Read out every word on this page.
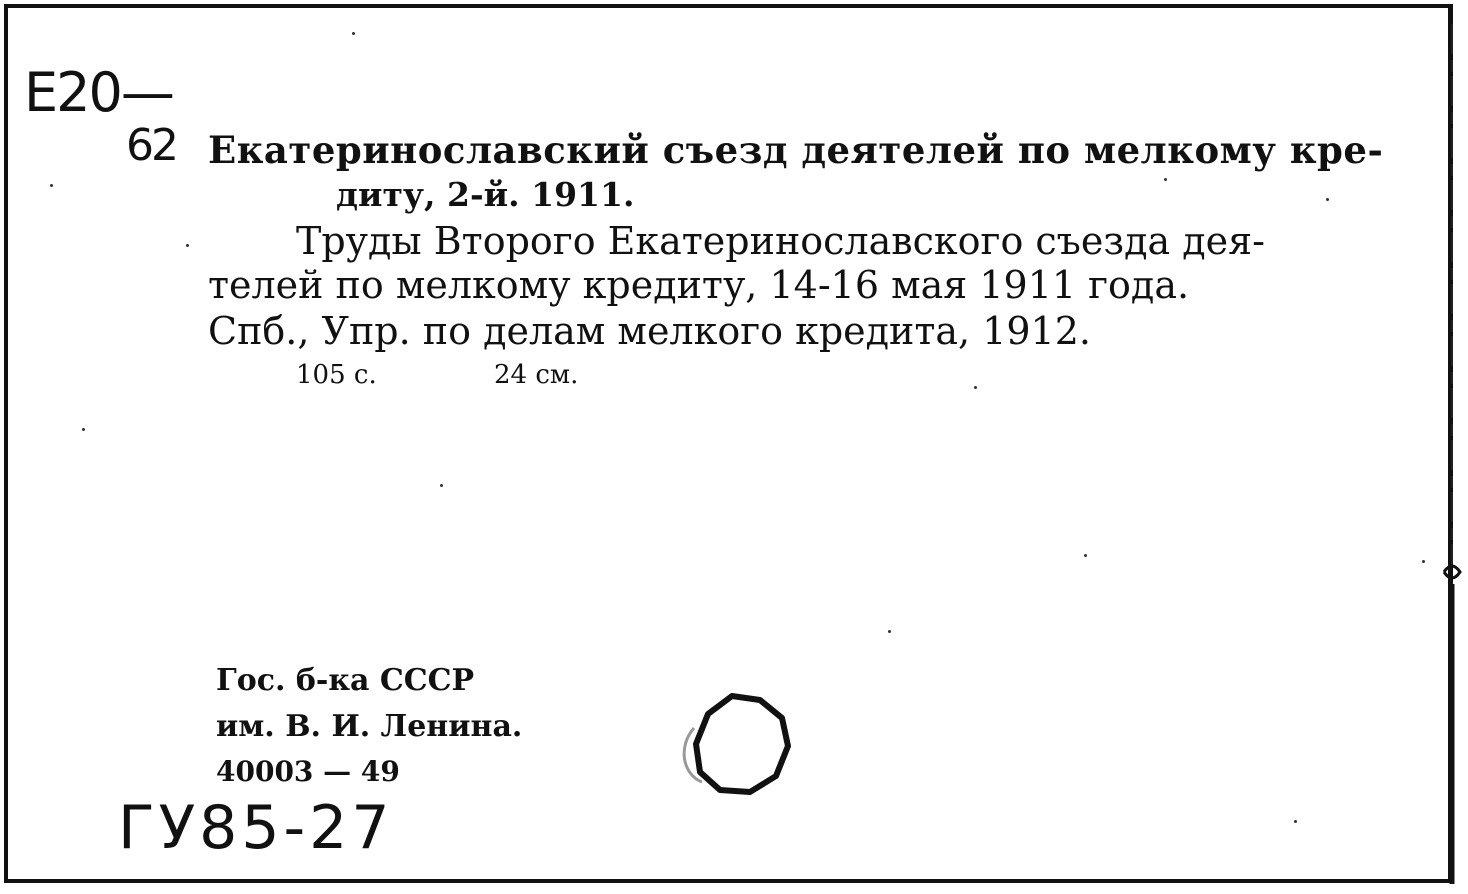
E20—
62 Екатеринославский съезд деятелей по мелкому кре-
диту, 2-й. 1911.
Труды Второго Екатеринославского съезда дея-
телей по мелкому кредиту, 14-16 мая 1911 года.
Спб., Упр. по делам мелкого кредита, 1912.
105 с.	24 см.
Гос. б-ка СССР
им. В. И. Ленина.
40003 — 49
ГУ85-27
